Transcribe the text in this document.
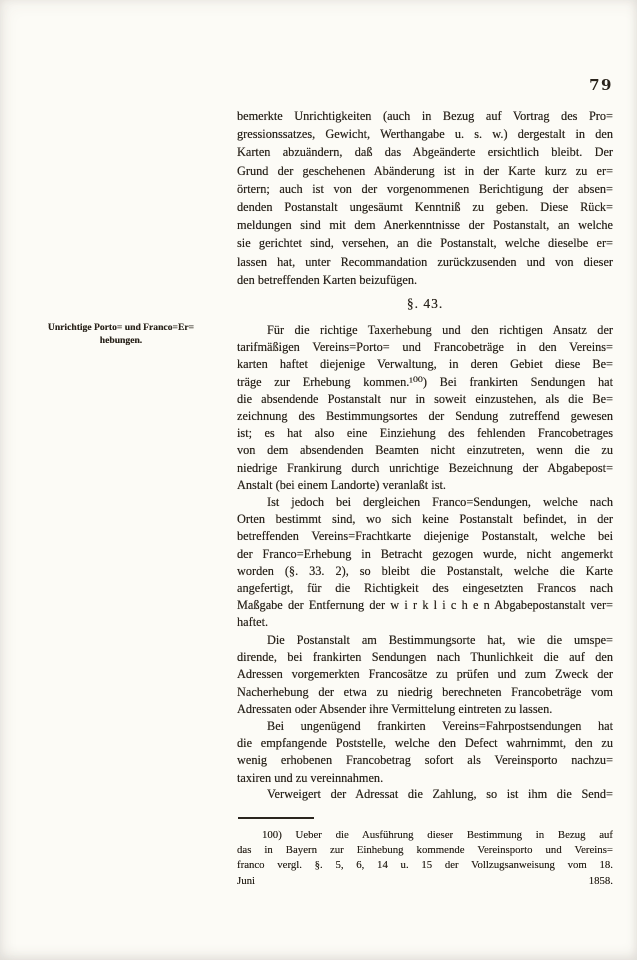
79
Unrichtige Porto= und Franco=Er=
hebungen.
bemerkte Unrichtigkeiten (auch in Bezug auf Vortrag des Pro=
gressionssatzes, Gewicht, Werthangabe u. s. w.) dergestalt in den
Karten abzuändern, daß das Abgeänderte ersichtlich bleibt. Der
Grund der geschehenen Abänderung ist in der Karte kurz zu er=
örtern; auch ist von der vorgenommenen Berichtigung der absen=
denden Postanstalt ungesäumt Kenntniß zu geben. Diese Rück=
meldungen sind mit dem Anerkenntnisse der Postanstalt, an welche
sie gerichtet sind, versehen, an die Postanstalt, welche dieselbe er=
lassen hat, unter Recommandation zurückzusenden und von dieser
den betreffenden Karten beizufügen.
§. 43.
Für die richtige Taxerhebung und den richtigen Ansatz der
tarifmäßigen Vereins=Porto= und Francobeträge in den Vereins=
karten haftet diejenige Verwaltung, in deren Gebiet diese Be=
träge zur Erhebung kommen.¹⁰⁰) Bei frankirten Sendungen hat
die absendende Postanstalt nur in soweit einzustehen, als die Be=
zeichnung des Bestimmungsortes der Sendung zutreffend gewesen
ist; es hat also eine Einziehung des fehlenden Francobetrages
von dem absendenden Beamten nicht einzutreten, wenn die zu
niedrige Frankirung durch unrichtige Bezeichnung der Abgabepost=
Anstalt (bei einem Landorte) veranlaßt ist.
Ist jedoch bei dergleichen Franco=Sendungen, welche nach
Orten bestimmt sind, wo sich keine Postanstalt befindet, in der
betreffenden Vereins=Frachtkarte diejenige Postanstalt, welche bei
der Franco=Erhebung in Betracht gezogen wurde, nicht angemerkt
worden (§. 33. 2), so bleibt die Postanstalt, welche die Karte
angefertigt, für die Richtigkeit des eingesetzten Francos nach
Maßgabe der Entfernung der w i r k l i c h e n Abgabepostanstalt ver=
haftet.
Die Postanstalt am Bestimmungsorte hat, wie die umspe=
dirende, bei frankirten Sendungen nach Thunlichkeit die auf den
Adressen vorgemerkten Francosätze zu prüfen und zum Zweck der
Nacherhebung der etwa zu niedrig berechneten Francobeträge vom
Adressaten oder Absender ihre Vermittelung eintreten zu lassen.
Bei ungenügend frankirten Vereins=Fahrpostsendungen hat
die empfangende Poststelle, welche den Defect wahrnimmt, den zu
wenig erhobenen Francobetrag sofort als Vereinsporto nachzu=
taxiren und zu vereinnahmen.
Verweigert der Adressat die Zahlung, so ist ihm die Send=
100) Ueber die Ausführung dieser Bestimmung in Bezug auf
das in Bayern zur Einhebung kommende Vereinsporto und Vereins=
franco vergl. §. 5, 6, 14 u. 15 der Vollzugsanweisung vom 18.
Juni 1858.
